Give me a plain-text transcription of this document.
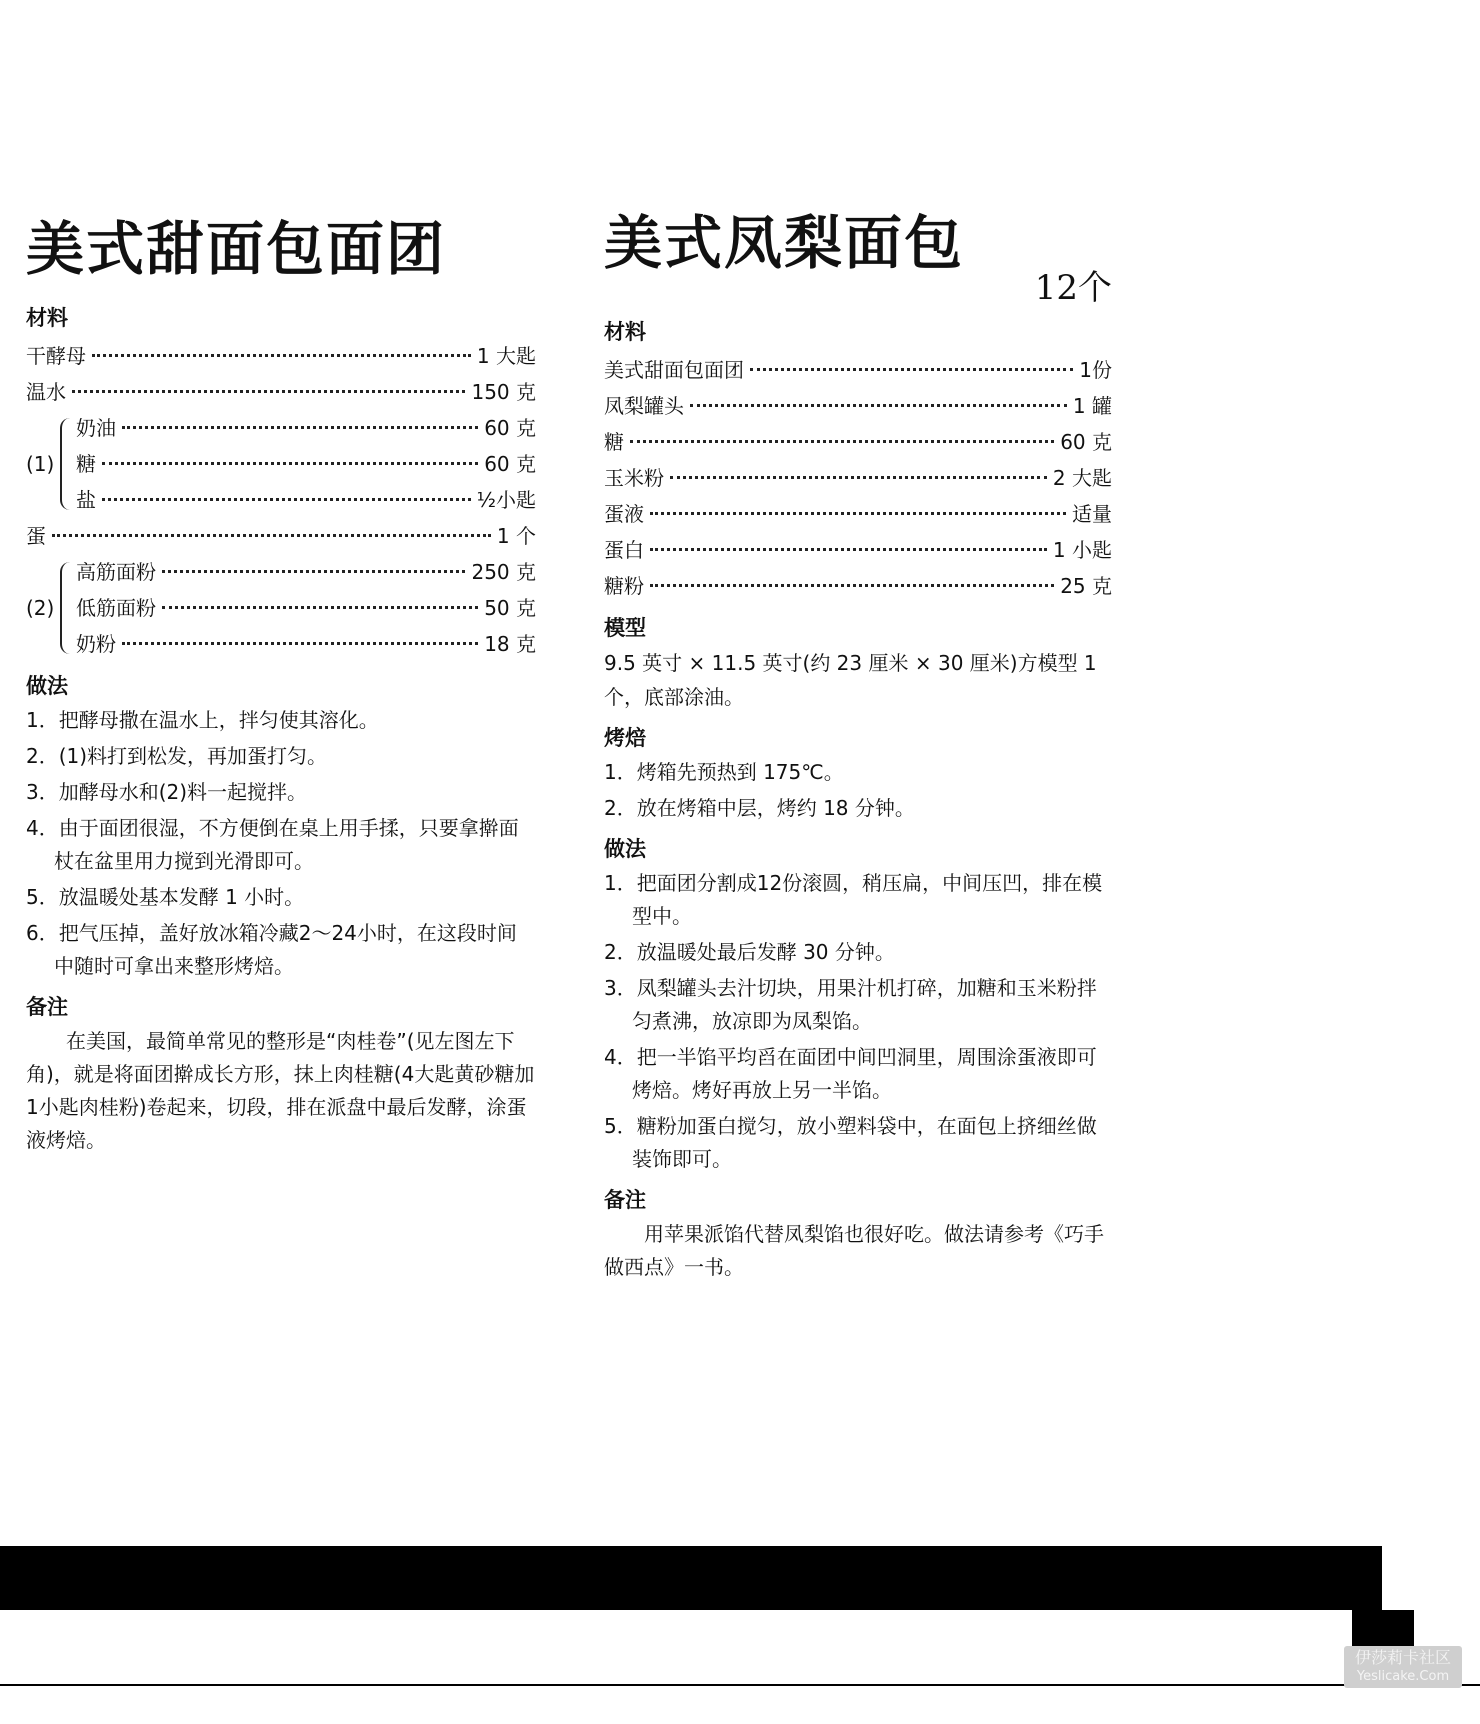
美式甜面包面团
材料
干酵母	1 大匙
温水	150 克
(1)
奶油	60 克
糖	60 克
盐	½小匙
蛋	1 个
(2)
高筋面粉	250 克
低筋面粉	50 克
奶粉	18 克
做法
1．把酵母撒在温水上，拌匀使其溶化。
2．(1)料打到松发，再加蛋打匀。
3．加酵母水和(2)料一起搅拌。
4．由于面团很湿，不方便倒在桌上用手揉，只要拿擀面杖在盆里用力搅到光滑即可。
5．放温暖处基本发酵 1 小时。
6．把气压掉，盖好放冰箱冷藏2～24小时，在这段时间中随时可拿出来整形烤焙。
备注
在美国，最简单常见的整形是“肉桂卷”(见左图左下角)，就是将面团擀成长方形，抹上肉桂糖(4大匙黄砂糖加1小匙肉桂粉)卷起来，切段，排在派盘中最后发酵，涂蛋液烤焙。
美式凤梨面包
12个
材料
美式甜面包面团	1份
凤梨罐头	1 罐
糖	60 克
玉米粉	2 大匙
蛋液	适量
蛋白	1 小匙
糖粉	25 克
模型
9.5 英寸 × 11.5 英寸(约 23 厘米 × 30 厘米)方模型 1 个，底部涂油。
烤焙
1．烤箱先预热到 175℃。
2．放在烤箱中层，烤约 18 分钟。
做法
1．把面团分割成12份滚圆，稍压扁，中间压凹，排在模型中。
2．放温暖处最后发酵 30 分钟。
3．凤梨罐头去汁切块，用果汁机打碎，加糖和玉米粉拌匀煮沸，放凉即为凤梨馅。
4．把一半馅平均舀在面团中间凹洞里，周围涂蛋液即可烤焙。烤好再放上另一半馅。
5．糖粉加蛋白搅匀，放小塑料袋中，在面包上挤细丝做装饰即可。
备注
用苹果派馅代替凤梨馅也很好吃。做法请参考《巧手做西点》一书。
伊莎莉卡社区
Yeslicake.Com
